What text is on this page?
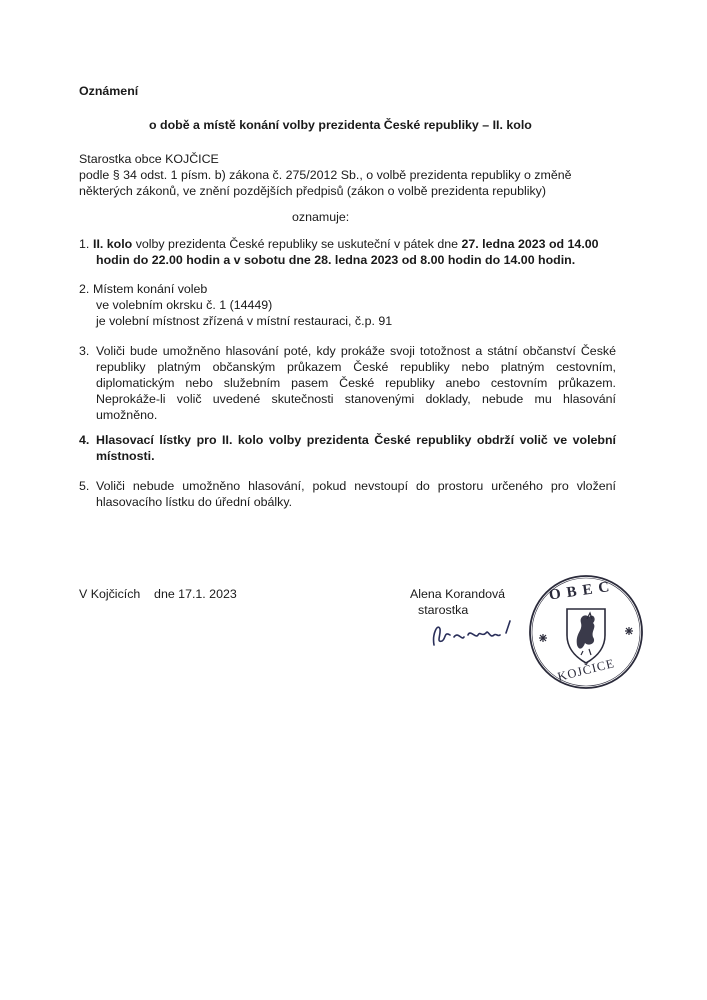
Oznámení
o době a místě konání volby prezidenta České republiky – II. kolo
Starostka obce KOJČICE
podle § 34 odst. 1 písm. b) zákona č. 275/2012 Sb., o volbě prezidenta republiky o změně
některých zákonů, ve znění pozdějších předpisů (zákon o volbě prezidenta republiky)
oznamuje:
1. II. kolo volby prezidenta České republiky se uskuteční v pátek dne 27. ledna 2023 od 14.00
hodin do 22.00 hodin a v sobotu dne 28. ledna 2023 od 8.00 hodin do 14.00 hodin.
2. Místem konání voleb
ve volebním okrsku č. 1 (14449)
je volební místnost zřízená v místní restauraci, č.p. 91
3. Voliči bude umožněno hlasování poté, kdy prokáže svoji totožnost a státní občanství České republiky platným občanským průkazem České republiky nebo platným cestovním, diplomatickým nebo služebním pasem České republiky anebo cestovním průkazem. Neprokáže-li volič uvedené skutečnosti stanovenými doklady, nebude mu hlasování umožněno.
4. Hlasovací lístky pro II. kolo volby prezidenta České republiky obdrží volič ve volební místnosti.
5. Voliči nebude umožněno hlasování, pokud nevstoupí do prostoru určeného pro vložení hlasovacího lístku do úřední obálky.
V Kojčicích    dne 17.1. 2023	Alena Korandová
starostka
OBEC
KOJČICE
